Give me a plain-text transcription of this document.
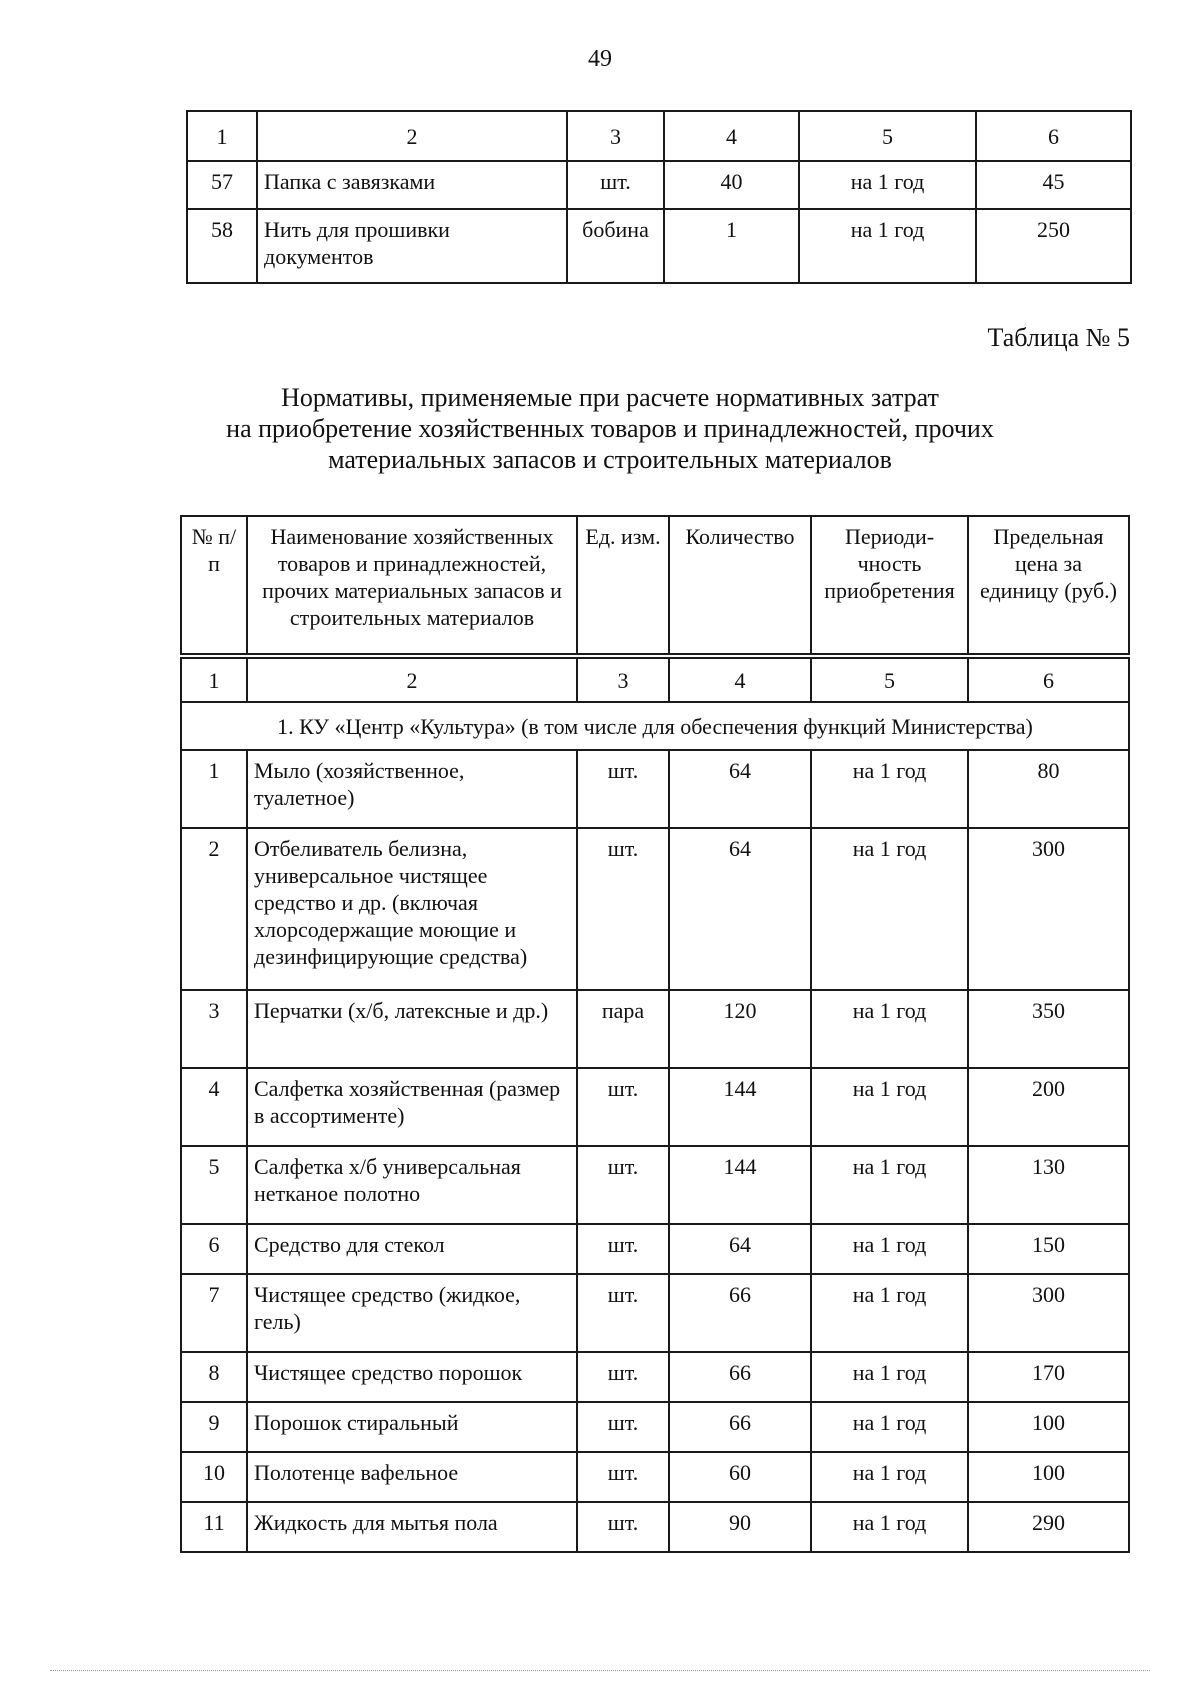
49
1	2	3	4	5	6
57	Папка с завязками	шт.	40	на 1 год	45
58	Нить для прошивки документов	бобина	1	на 1 год	250
Таблица № 5
Нормативы, применяемые при расчете нормативных затрат
на приобретение хозяйственных товаров и принадлежностей, прочих
материальных запасов и строительных материалов
№ п/п	Наименование хозяйственных товаров и принадлежностей, прочих материальных запасов и строительных материалов	Ед. изм.	Количество	Периоди-чность приобретения	Предельная цена за единицу (руб.)
1	2	3	4	5	6
1. КУ «Центр «Культура» (в том числе для обеспечения функций Министерства)					
1	Мыло (хозяйственное, туалетное)	шт.	64	на 1 год	80
2	Отбеливатель белизна, универсальное чистящее средство и др. (включая хлорсодержащие моющие и дезинфицирующие средства)	шт.	64	на 1 год	300
3	Перчатки (х/б, латексные и др.)	пара	120	на 1 год	350
4	Салфетка хозяйственная (размер в ассортименте)	шт.	144	на 1 год	200
5	Салфетка х/б универсальная нетканое полотно	шт.	144	на 1 год	130
6	Средство для стекол	шт.	64	на 1 год	150
7	Чистящее средство (жидкое, гель)	шт.	66	на 1 год	300
8	Чистящее средство порошок	шт.	66	на 1 год	170
9	Порошок стиральный	шт.	66	на 1 год	100
10	Полотенце вафельное	шт.	60	на 1 год	100
11	Жидкость для мытья пола	шт.	90	на 1 год	290
